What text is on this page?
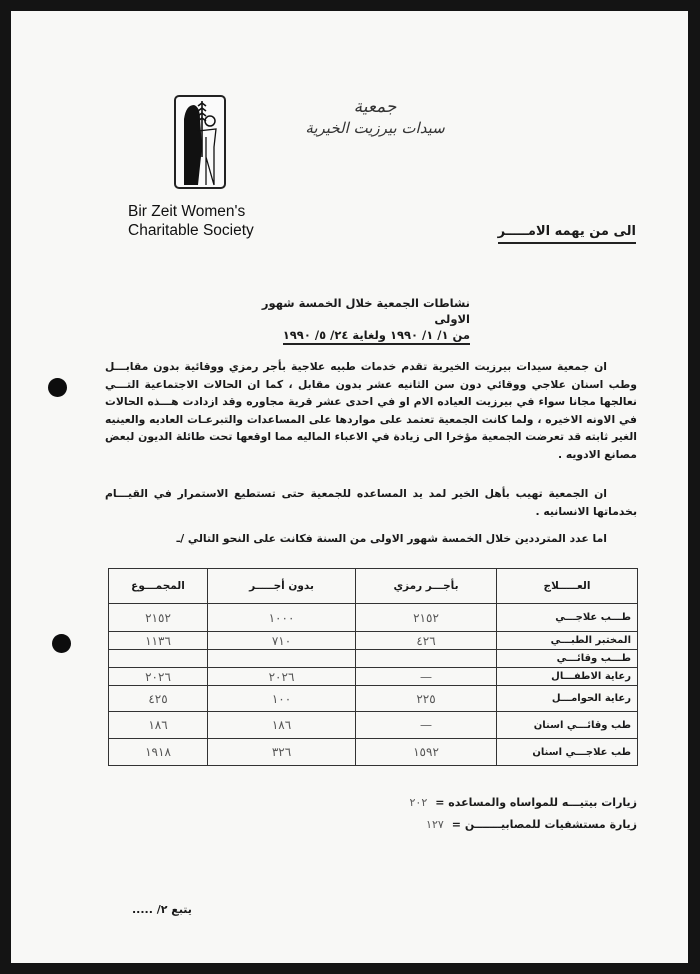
Bir Zeit Women's
Charitable Society
جمعية
سيدات بيرزيت الخيرية
الى من يهمه الامـــــر
نشاطات الجمعية خلال الخمسة شهور الاولى
من ١/ ١/ ١٩٩٠ ولغاية ٢٤/ ٥/ ١٩٩٠
ان جمعية سيدات بيرزيت الخيرية تقدم خدمات طبيه علاجية بأجر رمزي ووقائية بدون مقابـــل وطب اسنان علاجي ووقائي دون سن الثانيه عشر بدون مقابل ، كما ان الحالات الاجتماعية التـــي نعالجها مجانا سواء في بيرزيت العياده الام او في احدى عشر قرية مجاوره وقد ازدادت هـــذه الحالات في الاونه الاخيره ، ولما كانت الجمعية تعتمد على مواردها على المساعدات والتبرعـات العاديه والعينيه الغير ثابته قد تعرضت الجمعية مؤخرا الى زيادة في الاعباء الماليه مما اوقعها تحت طائلة الديون لبعض مصانع الادويه .
ان الجمعية تهيب بأهل الخير لمد يد المساعده للجمعية حتى تستطيع الاستمرار في القيـــام بخدماتها الانسانيه .
اما عدد المترددين خلال الخمسة شهور الاولى من السنة فكانت على النحو التالي /ـ
العـــــلاج	بأجـــر رمزي	بدون أجـــــر	المجمـــوع
طـــب علاجـــي	٢١٥٢	١٠٠٠	٢١٥٢
المختبر الطبـــي	٤٢٦	٧١٠	١١٣٦
طـــب وقائـــي			
رعاية الاطفـــال	—	٢٠٢٦	٢٠٢٦
رعاية الحوامـــل	٢٢٥	١٠٠	٤٢٥
طب وقائـــي اسنان	—	١٨٦	١٨٦
طب علاجـــي اسنان	١٥٩٢	٣٢٦	١٩١٨
زيارات بيتيـــه للمواساه والمساعده =
٢٠٢
زيارة مستشفيات للمصابيـــــــن =
١٢٧
يتبع ٢/ .....
